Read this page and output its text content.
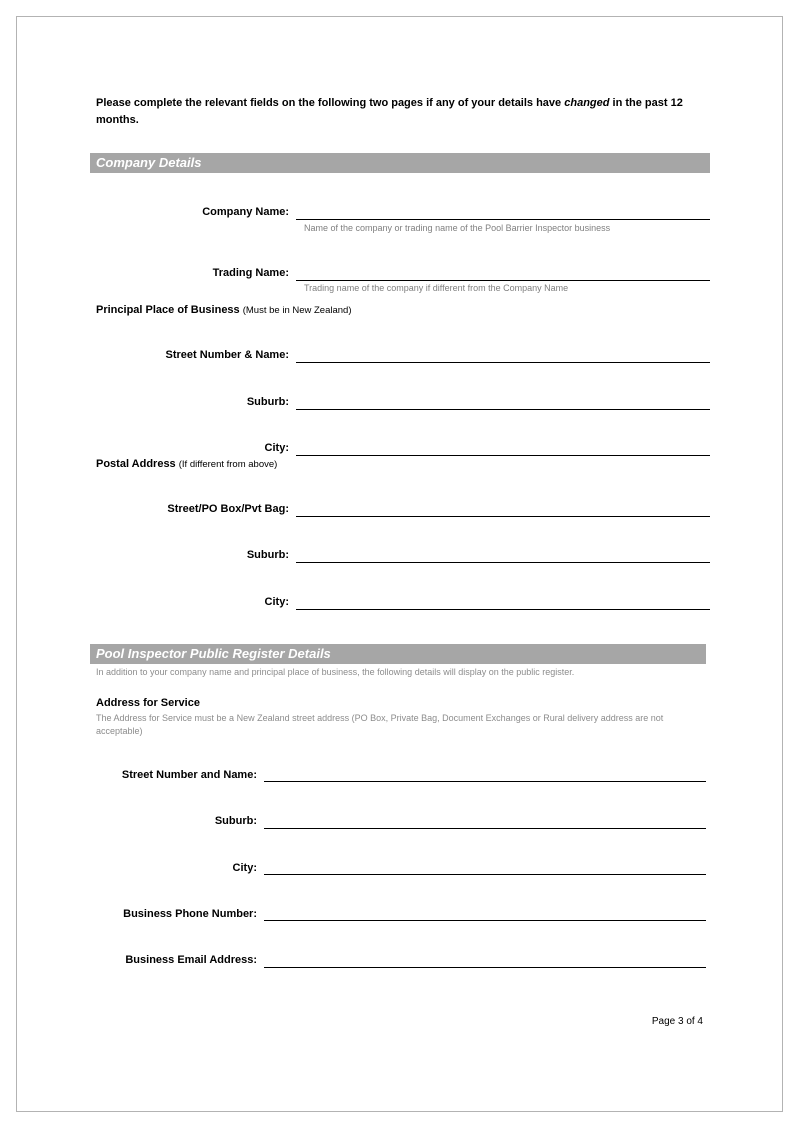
Please complete the relevant fields on the following two pages if any of your details have changed in the past 12 months.
Company Details
Company Name:
Name of the company or trading name of the Pool Barrier Inspector business
Trading Name:
Trading name of the company if different from the Company Name
Principal Place of Business (Must be in New Zealand)
Street Number & Name:
Suburb:
City:
Postal Address (If different from above)
Street/PO Box/Pvt Bag:
Suburb:
City:
Pool Inspector Public Register Details
In addition to your company name and principal place of business, the following details will display on the public register.
Address for Service
The Address for Service must be a New Zealand street address (PO Box, Private Bag, Document Exchanges or Rural delivery address are not acceptable)
Street Number and Name:
Suburb:
City:
Business Phone Number:
Business Email Address:
Page 3 of 4
